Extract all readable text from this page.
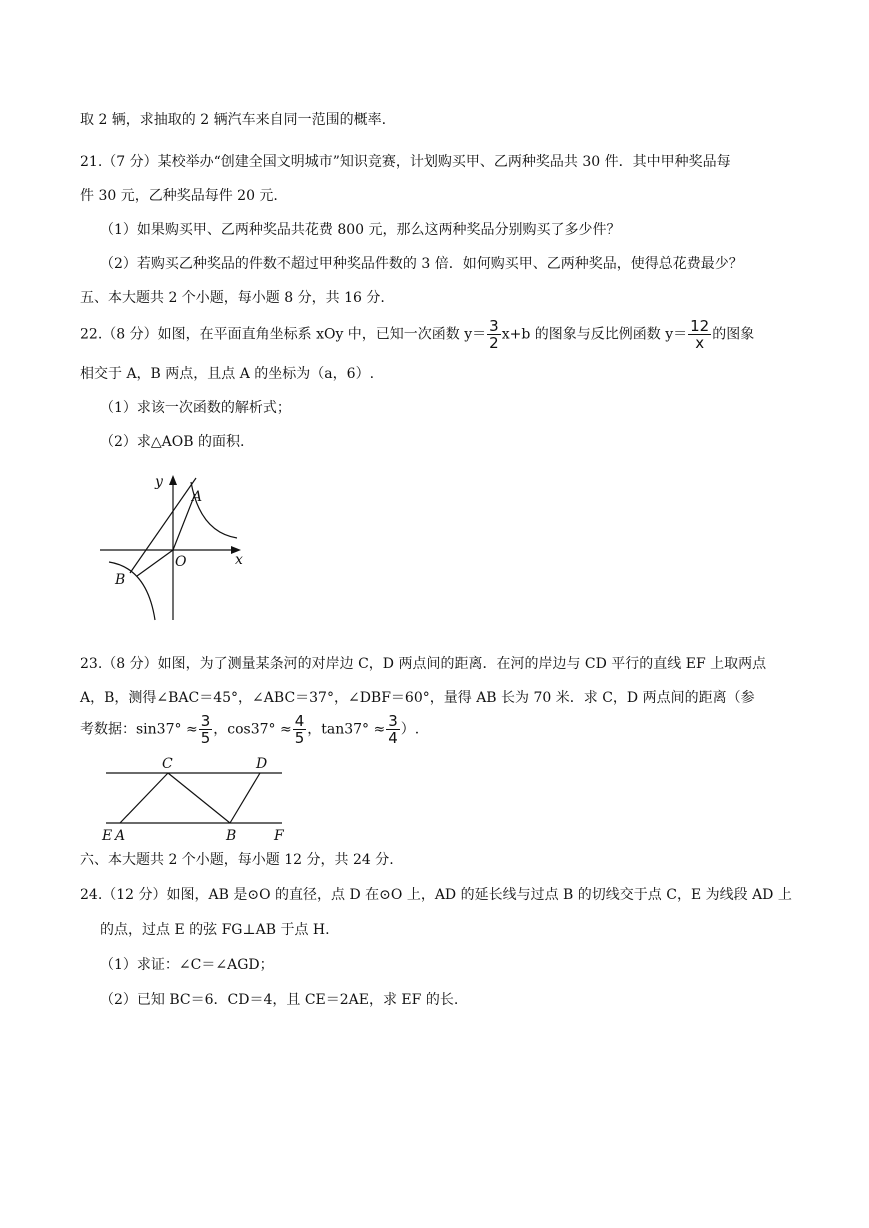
取 2 辆，求抽取的 2 辆汽车来自同一范围的概率.
21.（7 分）某校举办“创建全国文明城市”知识竞赛，计划购买甲、乙两种奖品共 30 件．其中甲种奖品每
件 30 元，乙种奖品每件 20 元.
（1）如果购买甲、乙两种奖品共花费 800 元，那么这两种奖品分别购买了多少件？
（2）若购买乙种奖品的件数不超过甲种奖品件数的 3 倍．如何购买甲、乙两种奖品，使得总花费最少？
五、本大题共 2 个小题，每小题 8 分，共 16 分.
22.（8 分）如图，在平面直角坐标系 xOy 中，已知一次函数 $y= \frac{3}{2} x+b$ 的图象与反比例函数 $y= \frac{12}{x}$ 的图象
相交于 A，B 两点，且点 A 的坐标为（a，6）.
（1）求该一次函数的解析式；
（2）求△AOB 的面积.
y
A
O	x
B
23.（8 分）如图，为了测量某条河的对岸边 C，D 两点间的距离．在河的岸边与 CD 平行的直线 EF 上取两点
A，B，测得∠BAC＝45°，∠ABC＝37°，∠DBF＝60°，量得 AB 长为 70 米．求 C，D 两点间的距离（参
考数据：$\sin 37^\circ \approx \frac{3}{5}$ ，$\cos 37^\circ \approx \frac{4}{5}$ ，$\tan 37^\circ \approx \frac{3}{4}$ ）.
C	D
E A	B	F
六、本大题共 2 个小题，每小题 12 分，共 24 分.
24.（12 分）如图，AB 是⊙O 的直径，点 D 在⊙O 上，AD 的延长线与过点 B 的切线交于点 C，E 为线段 AD 上
的点，过点 E 的弦 FG⊥AB 于点 H.
（1）求证：∠C＝∠AGD；
（2）已知 BC＝6．CD＝4，且 CE＝2AE，求 EF 的长.
